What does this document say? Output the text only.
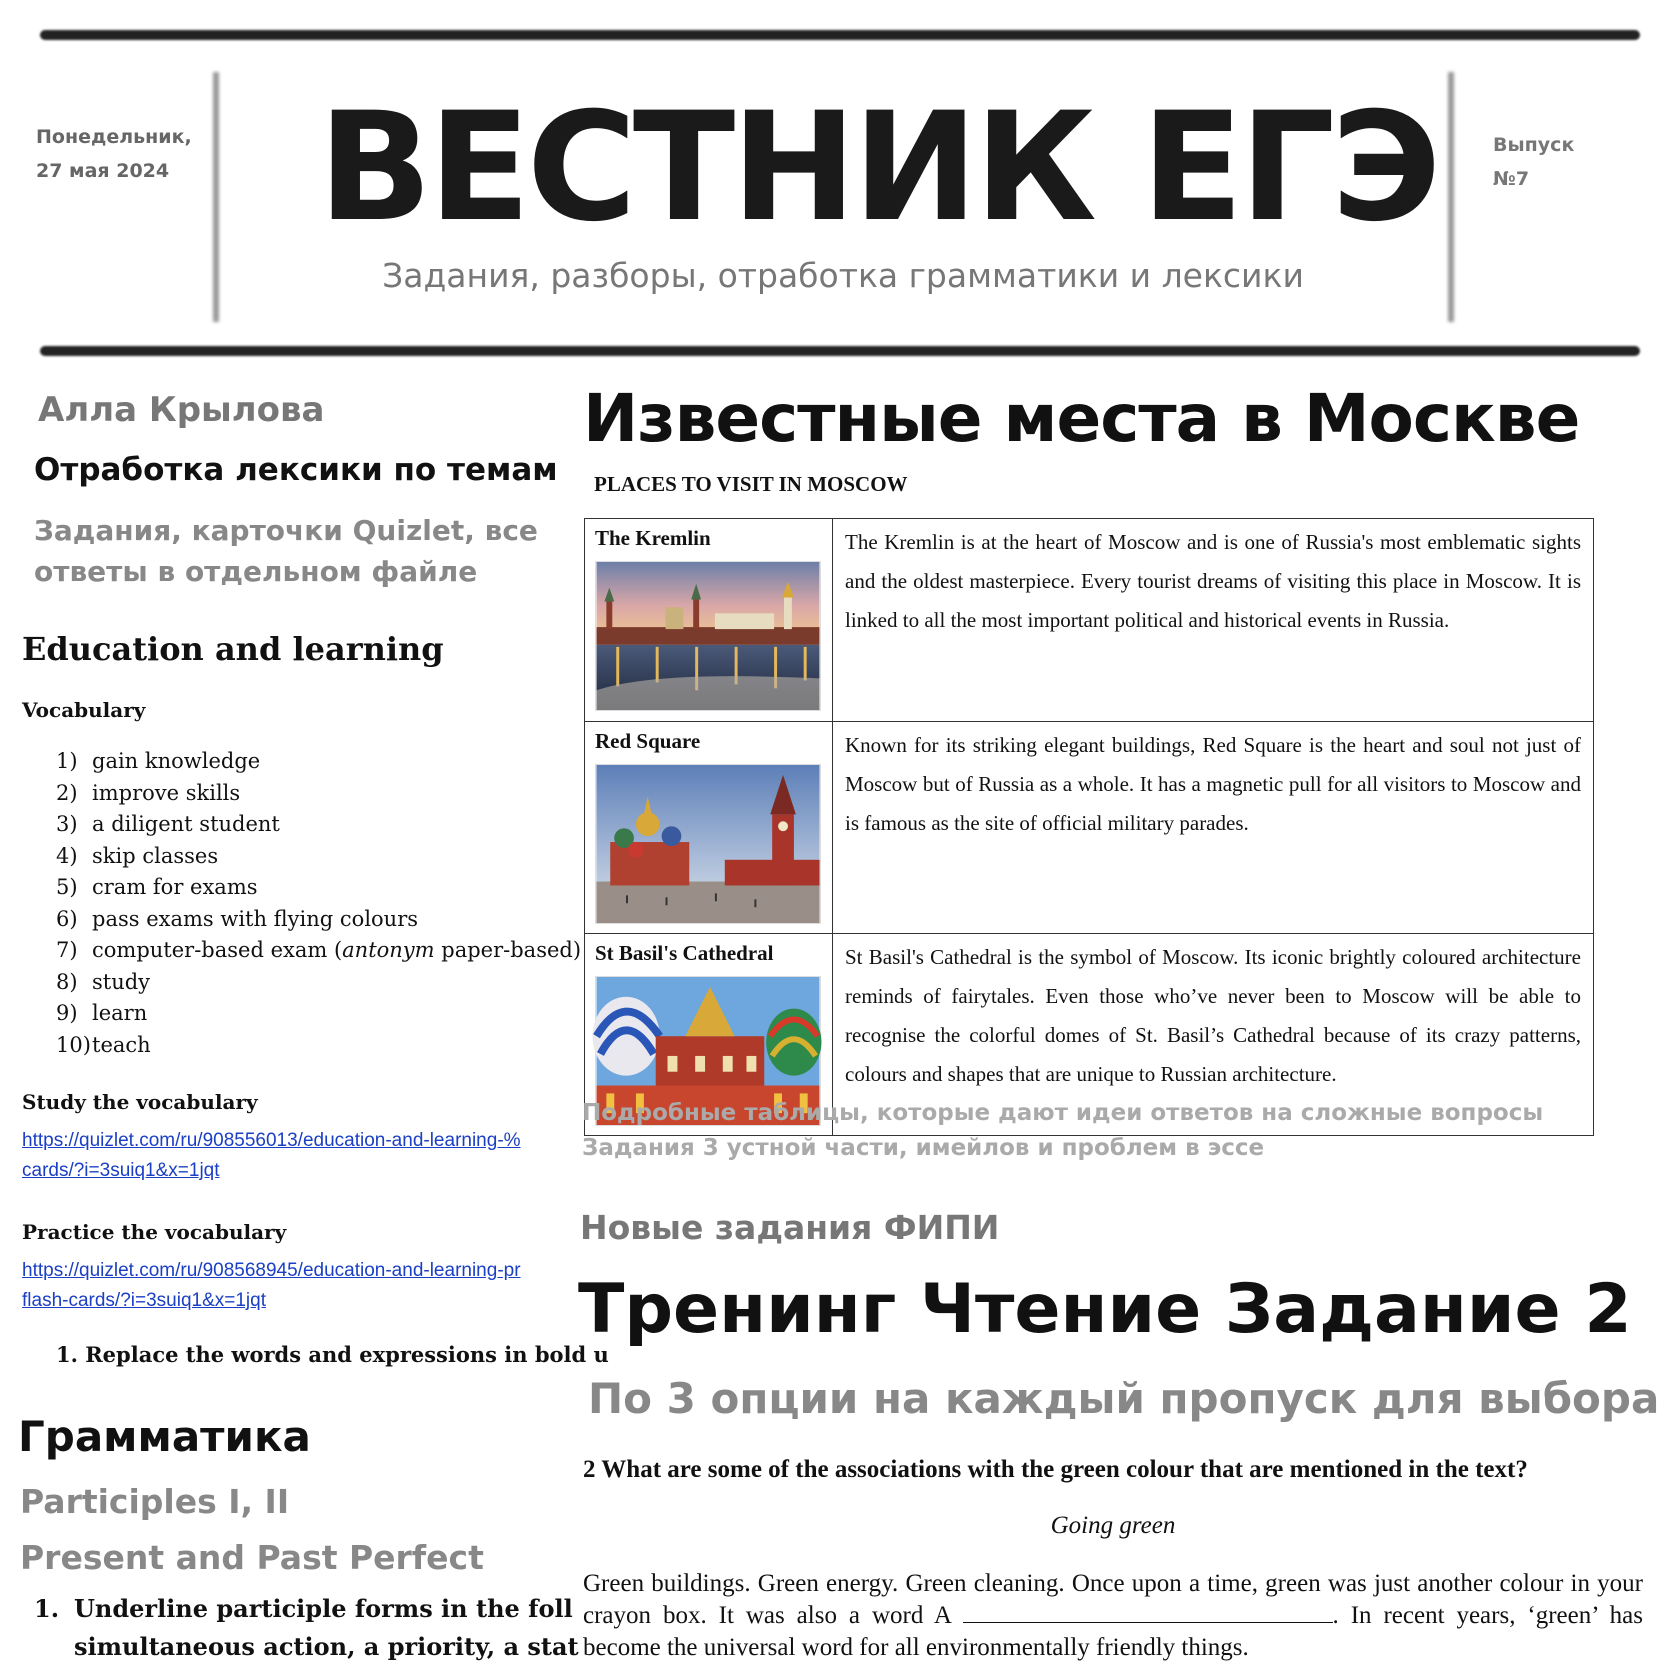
Понедельник,
27 мая 2024 ВЕСТНИК ЕГЭ
Задания, разборы, отработка грамматики и лексики
Выпуск
№7
Алла Крылова
Отработка лексики по темам
Задания, карточки Quizlet, все ответы в отдельном файле
Education and learning
Vocabulary
1) gain knowledge
2) improve skills
3) a diligent student
4) skip classes
5) cram for exams
6) pass exams with flying colours
7) computer-based exam (antonym paper-based)
8) study
9) learn
10)teach
Study the vocabulary
https://quizlet.com/ru/908556013/education-and-learning-%
cards/?i=3suiq1&x=1jqt
Practice the vocabulary
https://quizlet.com/ru/908568945/education-and-learning-pr
flash-cards/?i=3suiq1&x=1jqt
1. Replace the words and expressions in bold u
Грамматика
Participles I, II
Present and Past Perfect
1. Underline participle forms in the foll
simultaneous action, a priority, a stat
Известные места в Москве
PLACES TO VISIT IN MOSCOW
The Kremlin	The Kremlin is at the heart of Moscow and is one of Russia's most emblematic sights and the oldest masterpiece. Every tourist dreams of visiting this place in Moscow. It is linked to all the most important political and historical events in Russia.

Red Square	Known for its striking elegant buildings, Red Square is the heart and soul not just of Moscow but of Russia as a whole. It has a magnetic pull for all visitors to Moscow and is famous as the site of official military parades.

St Basil's Cathedral	St Basil's Cathedral is the symbol of Moscow. Its iconic brightly coloured architecture reminds of fairytales. Even those who’ve never been to Moscow will be able to recognise the colorful domes of St. Basil’s Cathedral because of its crazy patterns, colours and shapes that are unique to Russian architecture.
Подробные таблицы, которые дают идеи ответов на сложные вопросы Задания 3 устной части, имейлов и проблем в эссе
Новые задания ФИПИ
Тренинг Чтение Задание 2
По 3 опции на каждый пропуск для выбора
2 What are some of the associations with the green colour that are mentioned in the text?
Going green
Green buildings. Green energy. Green cleaning. Once upon a time, green was just another colour in your crayon box. It was also a word A	. In recent years, ‘green’ has become the universal word for all environmentally friendly things.
